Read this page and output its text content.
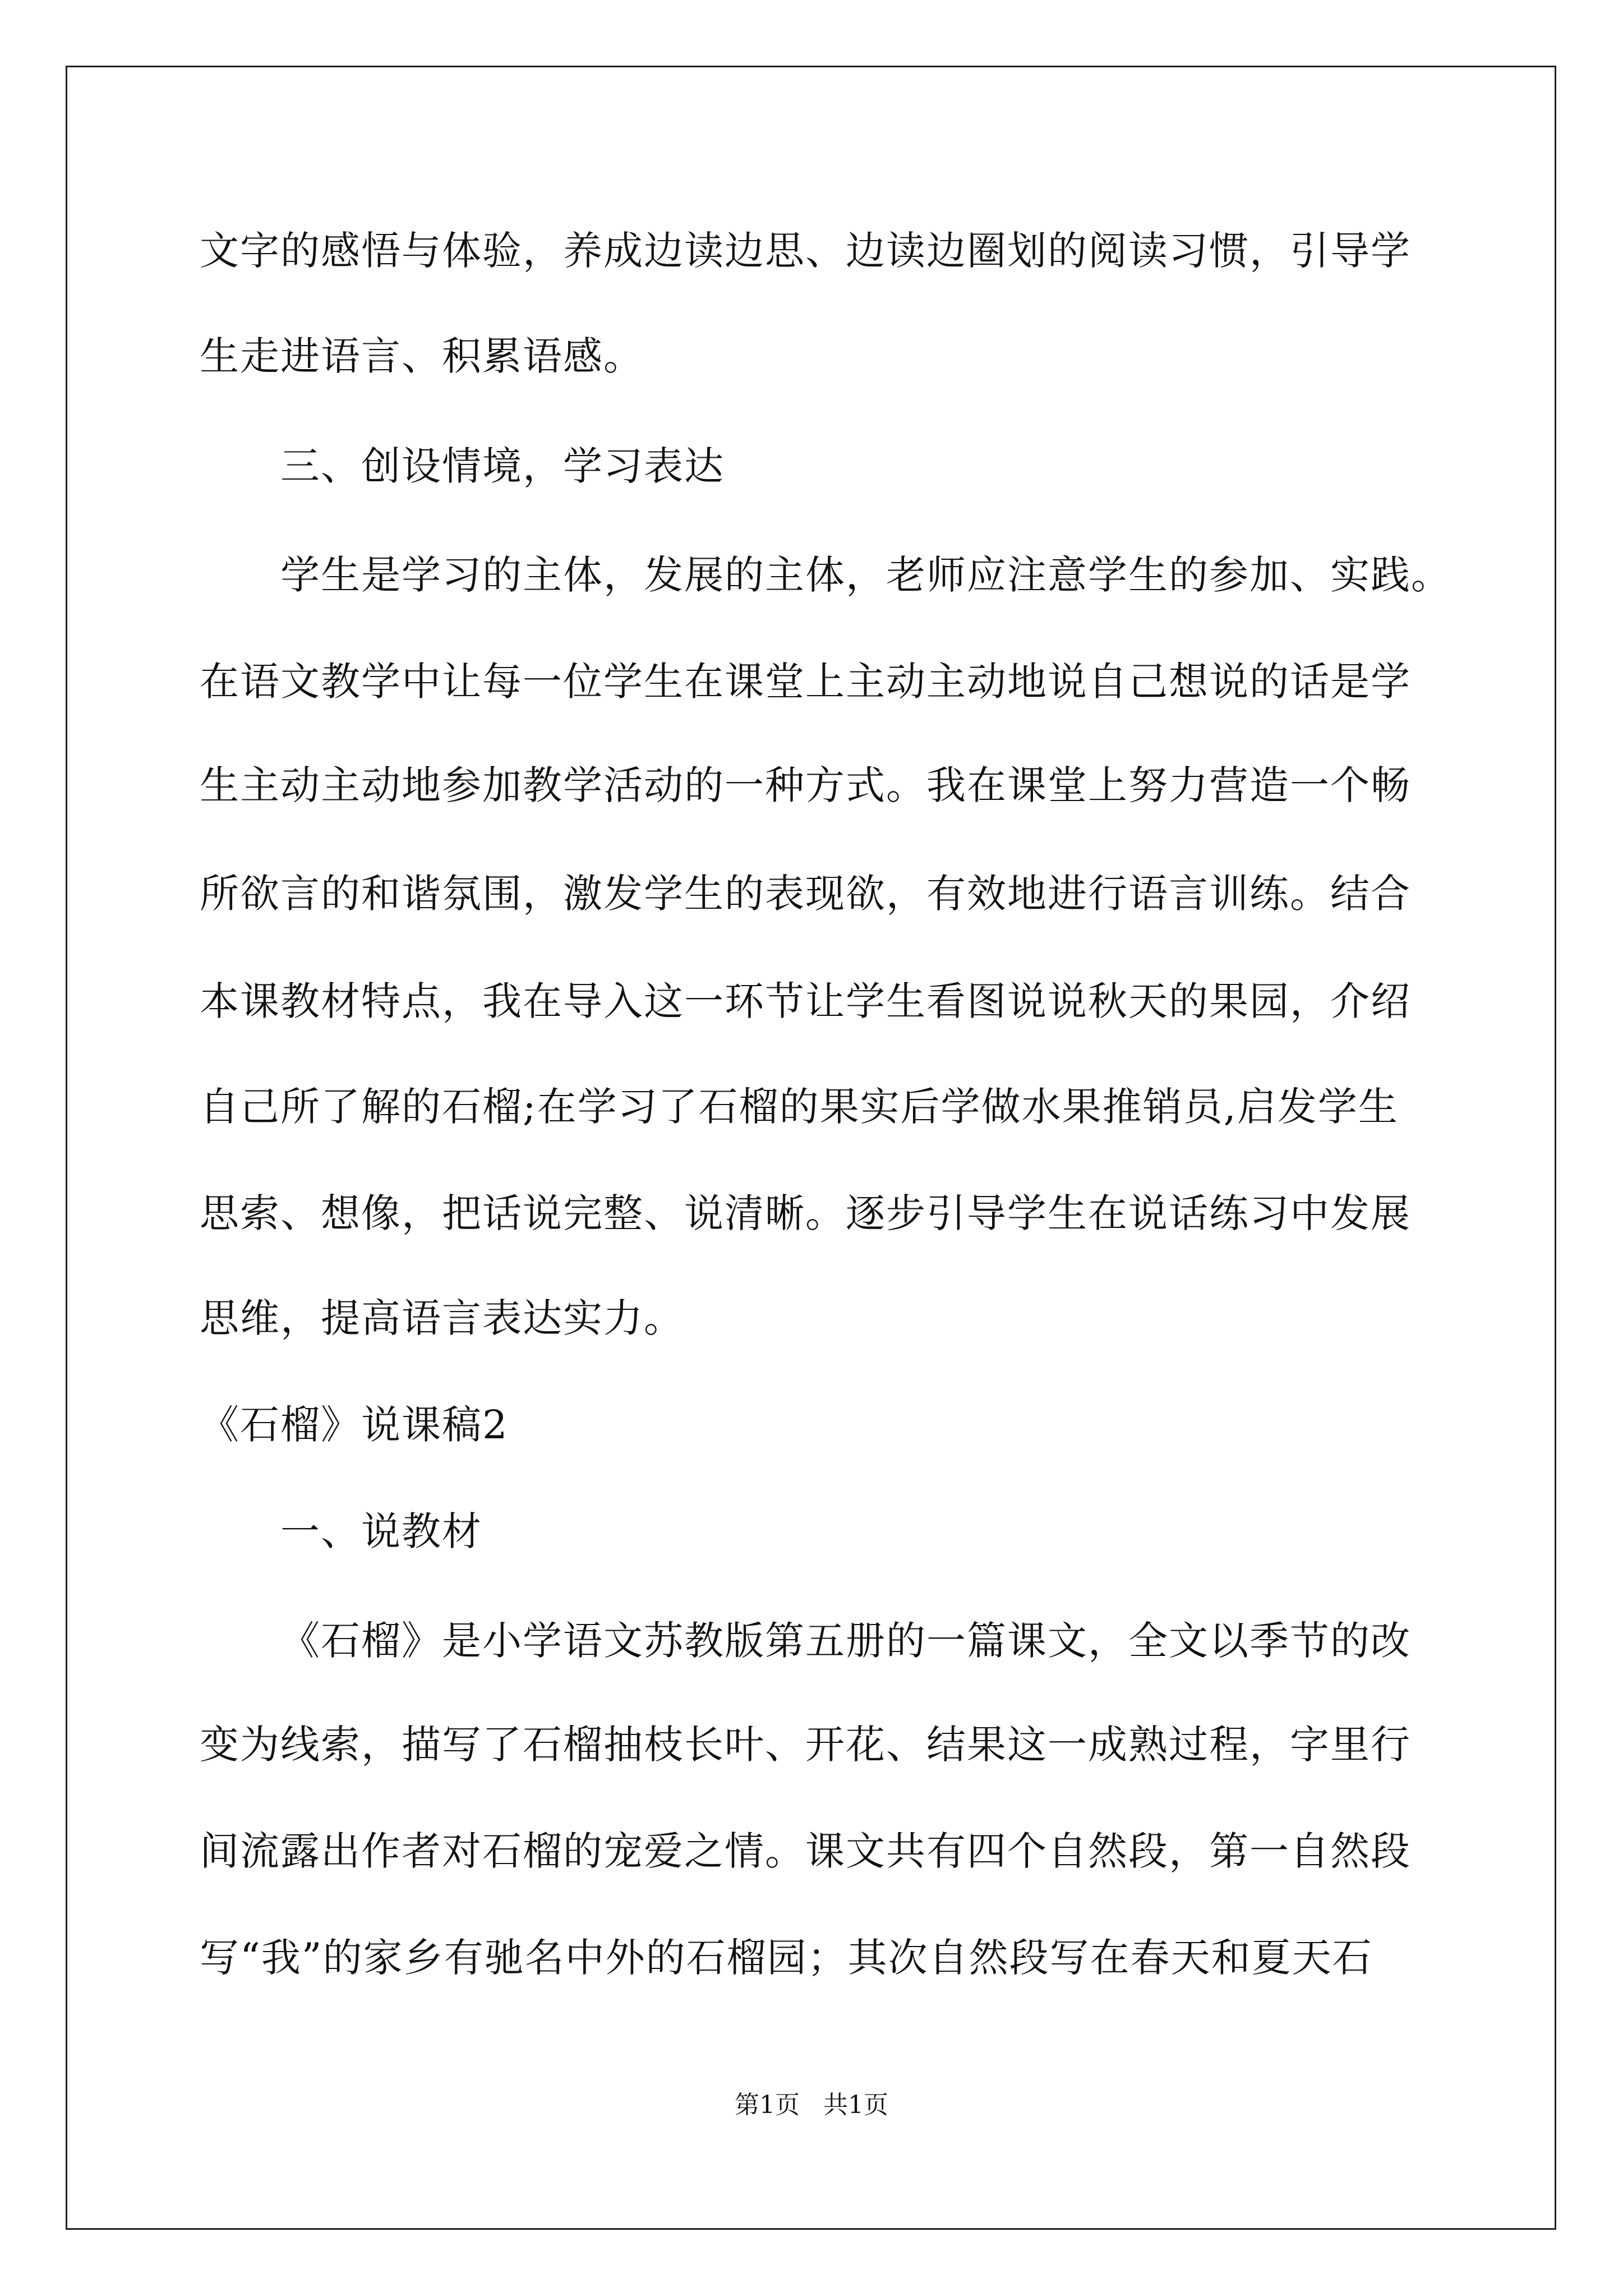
文字的感悟与体验，养成边读边思、边读边圈划的阅读习惯，引导学
生走进语言、积累语感。
三、创设情境，学习表达
学生是学习的主体，发展的主体，老师应注意学生的参加、实践。
在语文教学中让每一位学生在课堂上主动主动地说自己想说的话是学
生主动主动地参加教学活动的一种方式。我在课堂上努力营造一个畅
所欲言的和谐氛围，激发学生的表现欲，有效地进行语言训练。结合
本课教材特点，我在导入这一环节让学生看图说说秋天的果园，介绍
自己所了解的石榴;在学习了石榴的果实后学做水果推销员,启发学生
思索、想像，把话说完整、说清晰。逐步引导学生在说话练习中发展
思维，提高语言表达实力。
《石榴》说课稿2
一、说教材
《石榴》是小学语文苏教版第五册的一篇课文，全文以季节的改
变为线索，描写了石榴抽枝长叶、开花、结果这一成熟过程，字里行
间流露出作者对石榴的宠爱之情。课文共有四个自然段，第一自然段
写“我”的家乡有驰名中外的石榴园；其次自然段写在春天和夏天石
第1页   共1页
